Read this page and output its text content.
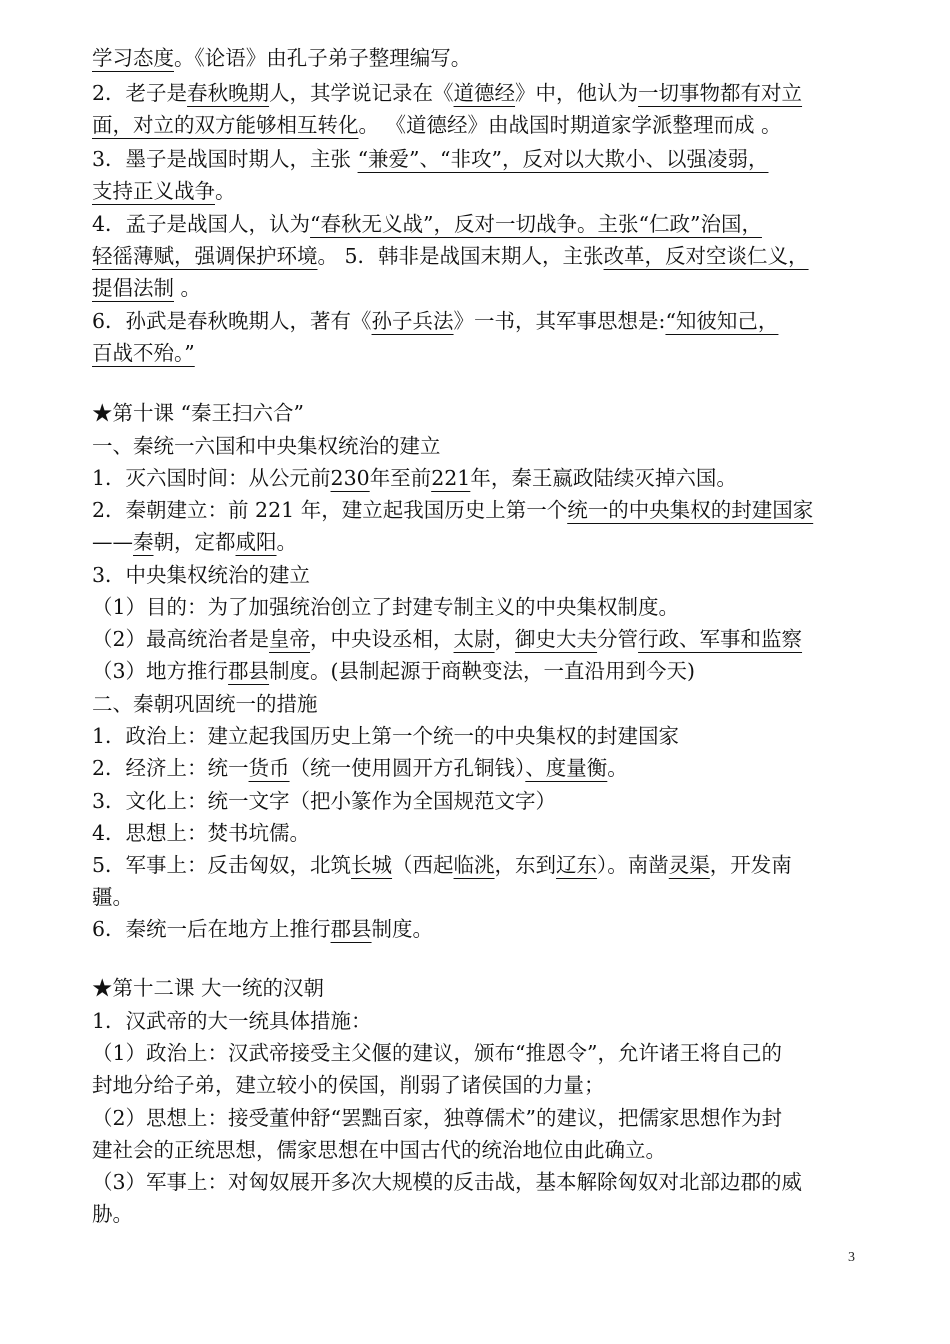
学习态度。《论语》由孔子弟子整理编写。
2．老子是春秋晚期人，其学说记录在《道德经》中，他认为一切事物都有对立
面，对立的双方能够相互转化。 《道德经》由战国时期道家学派整理而成 。
3．墨子是战国时期人，主张 “兼爱”、“非攻”，反对以大欺小、以强凌弱，
支持正义战争。
4．孟子是战国人，认为“春秋无义战”，反对一切战争。主张“仁政”治国，
轻徭薄赋，强调保护环境。 5．韩非是战国末期人，主张改革，反对空谈仁义，
提倡法制 。
6．孙武是春秋晚期人，著有《孙子兵法》一书，其军事思想是:“知彼知己，
百战不殆。”
★第十课 “秦王扫六合”
一、秦统一六国和中央集权统治的建立
1．灭六国时间：从公元前230年至前221年，秦王嬴政陆续灭掉六国。
2．秦朝建立：前 221 年，建立起我国历史上第一个统一的中央集权的封建国家
——秦朝，定都咸阳。
3．中央集权统治的建立
（1）目的：为了加强统治创立了封建专制主义的中央集权制度。
（2）最高统治者是皇帝，中央设丞相，太尉，御史大夫分管行政、军事和监察
（3）地方推行郡县制度。(县制起源于商鞅变法，一直沿用到今天)
二、秦朝巩固统一的措施
1．政治上：建立起我国历史上第一个统一的中央集权的封建国家
2．经济上：统一货币（统一使用圆开方孔铜钱）、度量衡。
3．文化上：统一文字（把小篆作为全国规范文字）
4．思想上：焚书坑儒。
5．军事上：反击匈奴，北筑长城（西起临洮，东到辽东）。南凿灵渠，开发南
疆。
6．秦统一后在地方上推行郡县制度。
★第十二课 大一统的汉朝
1．汉武帝的大一统具体措施：
（1）政治上：汉武帝接受主父偃的建议，颁布“推恩令”，允许诸王将自己的
封地分给子弟，建立较小的侯国，削弱了诸侯国的力量；
（2）思想上：接受董仲舒“罢黜百家，独尊儒术”的建议，把儒家思想作为封
建社会的正统思想，儒家思想在中国古代的统治地位由此确立。
（3）军事上：对匈奴展开多次大规模的反击战，基本解除匈奴对北部边郡的威
胁。
3
